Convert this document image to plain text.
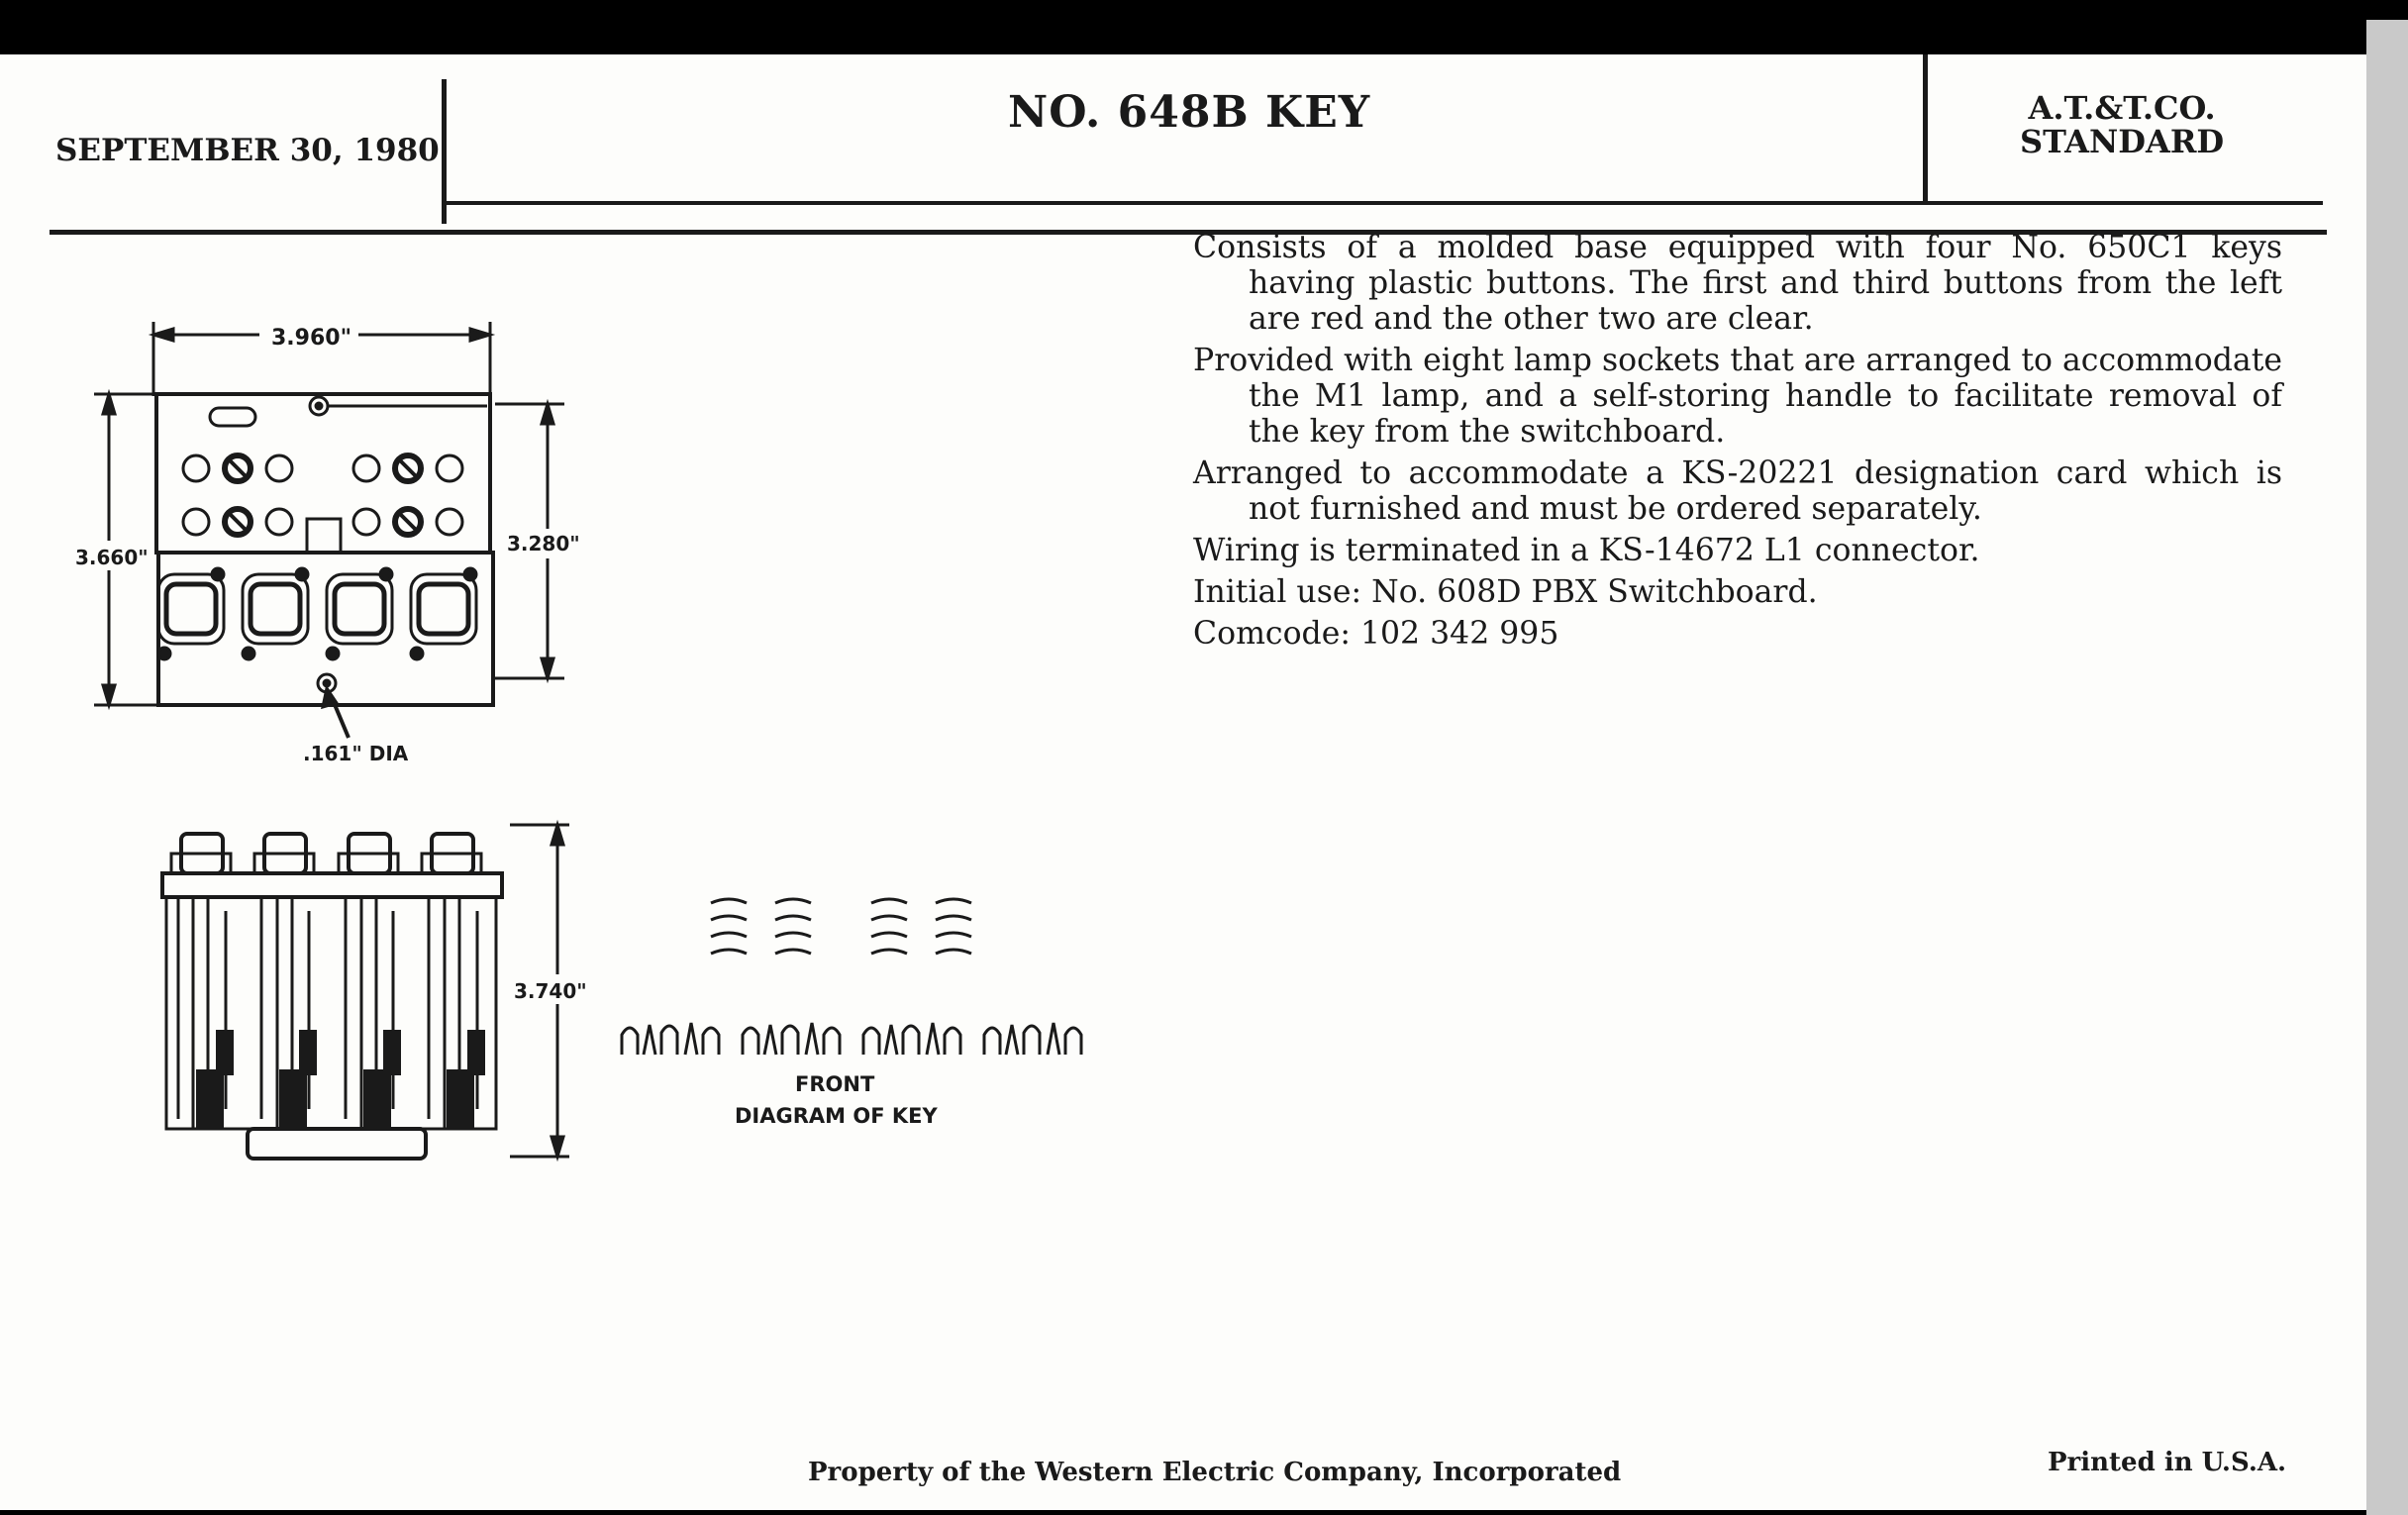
SEPTEMBER 30, 1980
NO. 648B KEY	A.T.&T.CO.
STANDARD

Consists of a molded base equipped with four No. 650C1 keys having plastic buttons. The first and third buttons from the left are red and the other two are clear.

Provided with eight lamp sockets that are arranged to accommodate the M1 lamp, and a self-storing handle to facilitate removal of the key from the switchboard.

Arranged to accommodate a KS-20221 designation card which is not furnished and must be ordered separately.

Wiring is terminated in a KS-14672 L1 connector.

Initial use: No. 608D PBX Switchboard.

Comcode: 102 342 995

3.960"
3.660"
3.280"
.161" DIA
3.740"
FRONT
DIAGRAM OF KEY
Property of the Western Electric Company, Incorporated	Printed in U.S.A.
